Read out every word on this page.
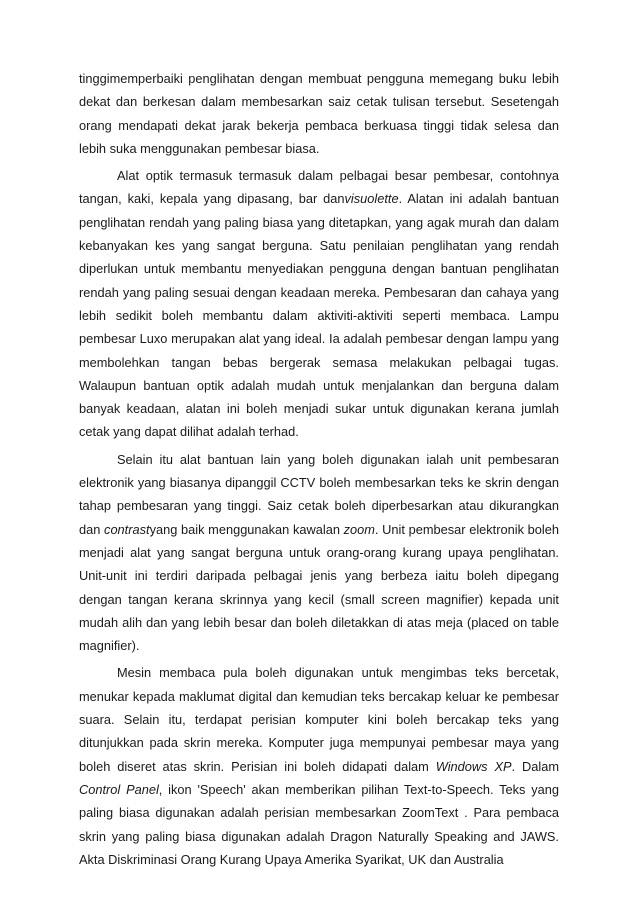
tinggimemperbaiki penglihatan dengan membuat pengguna memegang buku lebih dekat dan berkesan dalam membesarkan saiz cetak tulisan tersebut. Sesetengah orang mendapati dekat jarak bekerja pembaca berkuasa tinggi tidak selesa dan lebih suka menggunakan pembesar biasa.

Alat optik termasuk termasuk dalam pelbagai besar pembesar, contohnya tangan, kaki, kepala yang dipasang, bar danvisuolette. Alatan ini adalah bantuan penglihatan rendah yang paling biasa yang ditetapkan, yang agak murah dan dalam kebanyakan kes yang sangat berguna. Satu penilaian penglihatan yang rendah diperlukan untuk membantu menyediakan pengguna dengan bantuan penglihatan rendah yang paling sesuai dengan keadaan mereka. Pembesaran dan cahaya yang lebih sedikit boleh membantu dalam aktiviti-aktiviti seperti membaca. Lampu pembesar Luxo merupakan alat yang ideal. Ia adalah pembesar dengan lampu yang membolehkan tangan bebas bergerak semasa melakukan pelbagai tugas. Walaupun bantuan optik adalah mudah untuk menjalankan dan berguna dalam banyak keadaan, alatan ini boleh menjadi sukar untuk digunakan kerana jumlah cetak yang dapat dilihat adalah terhad.

Selain itu alat bantuan lain yang boleh digunakan ialah unit pembesaran elektronik yang biasanya dipanggil CCTV boleh membesarkan teks ke skrin dengan tahap pembesaran yang tinggi. Saiz cetak boleh diperbesarkan atau dikurangkan dan contrastyang baik menggunakan kawalan zoom. Unit pembesar elektronik boleh menjadi alat yang sangat berguna untuk orang-orang kurang upaya penglihatan. Unit-unit ini terdiri daripada pelbagai jenis yang berbeza iaitu boleh dipegang dengan tangan kerana skrinnya yang kecil (small screen magnifier) kepada unit mudah alih dan yang lebih besar dan boleh diletakkan di atas meja (placed on table magnifier).

Mesin membaca pula boleh digunakan untuk mengimbas teks bercetak, menukar kepada maklumat digital dan kemudian teks bercakap keluar ke pembesar suara. Selain itu, terdapat perisian komputer kini boleh bercakap teks yang ditunjukkan pada skrin mereka. Komputer juga mempunyai pembesar maya yang boleh diseret atas skrin. Perisian ini boleh didapati dalam Windows XP. Dalam Control Panel, ikon 'Speech' akan memberikan pilihan Text-to-Speech. Teks yang paling biasa digunakan adalah perisian membesarkan ZoomText . Para pembaca skrin yang paling biasa digunakan adalah Dragon Naturally Speaking and JAWS. Akta Diskriminasi Orang Kurang Upaya Amerika Syarikat, UK dan Australia
